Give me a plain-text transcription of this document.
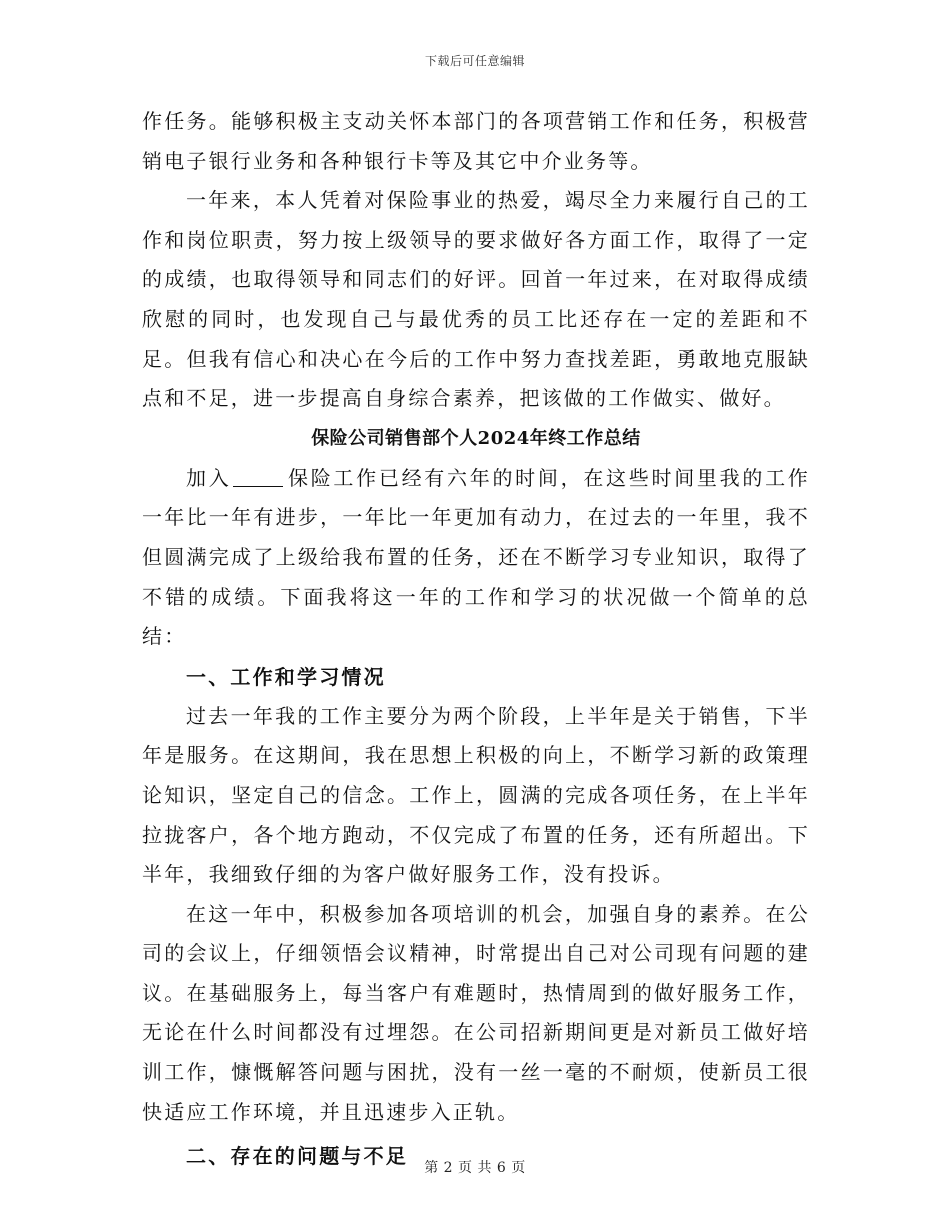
下载后可任意编辑

作任务。能够积极主支动关怀本部门的各项营销工作和任务，积极营销电子银行业务和各种银行卡等及其它中介业务等。

一年来，本人凭着对保险事业的热爱，竭尽全力来履行自己的工作和岗位职责，努力按上级领导的要求做好各方面工作，取得了一定的成绩，也取得领导和同志们的好评。回首一年过来，在对取得成绩欣慰的同时，也发现自己与最优秀的员工比还存在一定的差距和不足。但我有信心和决心在今后的工作中努力查找差距，勇敢地克服缺点和不足，进一步提高自身综合素养，把该做的工作做实、做好。

保险公司销售部个人2024年终工作总结

加入	保险工作已经有六年的时间，在这些时间里我的工作一年比一年有进步，一年比一年更加有动力，在过去的一年里，我不但圆满完成了上级给我布置的任务，还在不断学习专业知识，取得了不错的成绩。下面我将这一年的工作和学习的状况做一个简单的总结：

一、工作和学习情况

过去一年我的工作主要分为两个阶段，上半年是关于销售，下半年是服务。在这期间，我在思想上积极的向上，不断学习新的政策理论知识，坚定自己的信念。工作上，圆满的完成各项任务，在上半年拉拢客户，各个地方跑动，不仅完成了布置的任务，还有所超出。下半年，我细致仔细的为客户做好服务工作，没有投诉。

在这一年中，积极参加各项培训的机会，加强自身的素养。在公司的会议上，仔细领悟会议精神，时常提出自己对公司现有问题的建议。在基础服务上，每当客户有难题时，热情周到的做好服务工作，无论在什么时间都没有过埋怨。在公司招新期间更是对新员工做好培训工作，慷慨解答问题与困扰，没有一丝一毫的不耐烦，使新员工很快适应工作环境，并且迅速步入正轨。

二、存在的问题与不足	第 2 页 共 6 页
